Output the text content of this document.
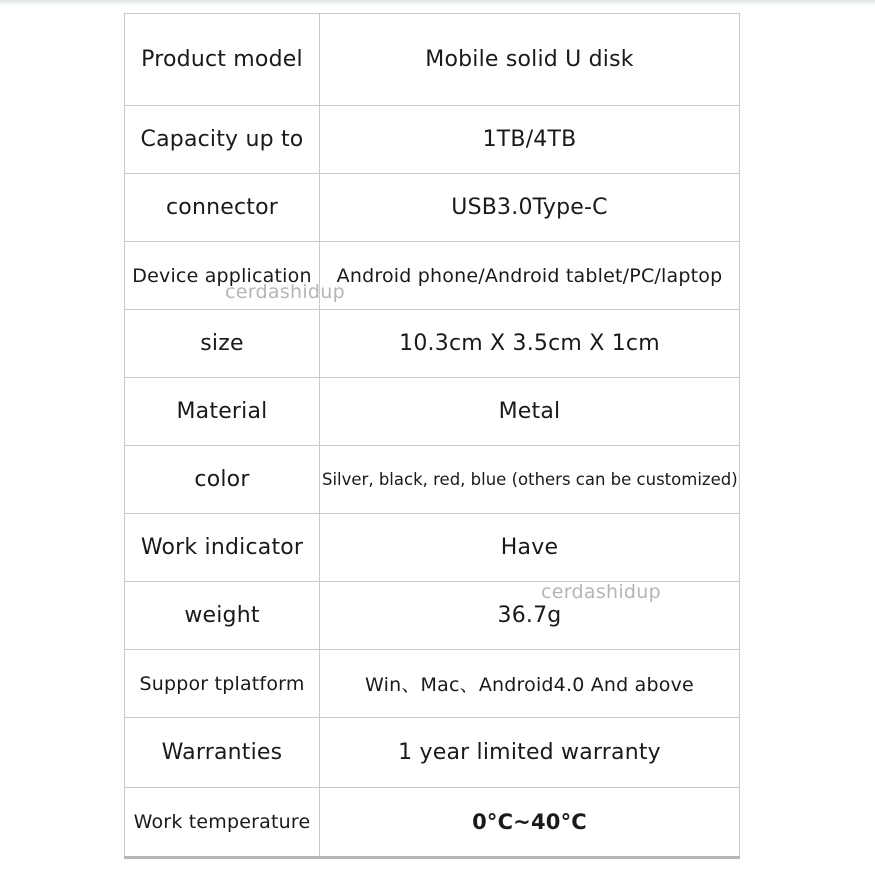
Product model	Mobile solid U disk
Capacity up to	1TB/4TB
connector	USB3.0Type-C
Device application	Android phone/Android tablet/PC/laptop
size	10.3cm X 3.5cm X 1cm
Material	Metal
color	Silver, black, red, blue (others can be customized)
Work indicator	Have
weight	36.7g
Suppor tplatform	Win、Mac、Android4.0 And above
Warranties	1 year limited warranty
Work temperature	0°C~40°C
cerdashidup
cerdashidup
